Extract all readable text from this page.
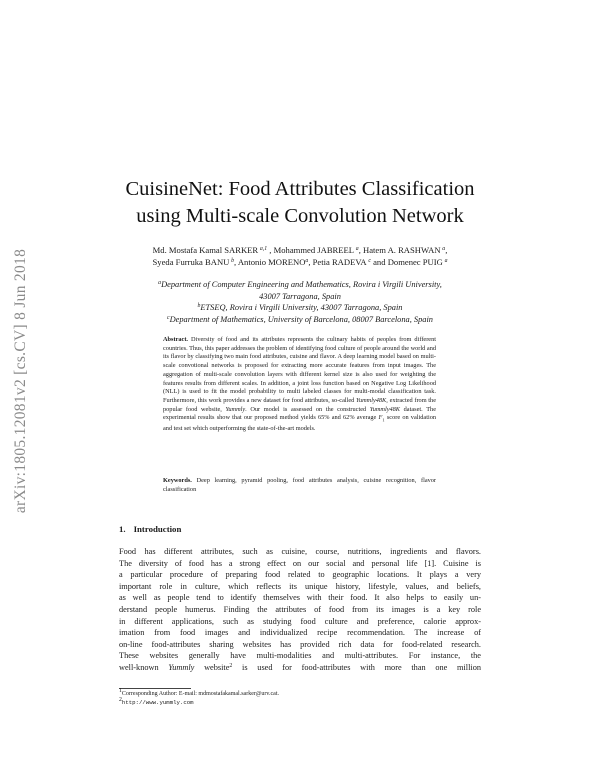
arXiv:1805.12081v2 [cs.CV] 8 Jun 2018
CuisineNet: Food Attributes Classification
using Multi-scale Convolution Network
Md. Mostafa Kamal SARKER  $^{a,1}$ , Mohammed JABREEL  $^a$, Hatem A. RASHWAN  $^a$,
Syeda Furruka BANU  $^b$, Antonio MORENO$^a$, Petia RADEVA  $^c$ and Domenec PUIG  $^a$
$^a$Department of Computer Engineering and Mathematics, Rovira i Virgili University,
43007 Tarragona, Spain
$^b$ETSEQ, Rovira i Virgili University, 43007 Tarragona, Spain
$^c$Department of Mathematics, University of Barcelona, 08007 Barcelona, Spain
Abstract. Diversity of food and its attributes represents the culinary habits of peoples from different countries. Thus, this paper addresses the problem of identifying food culture of people around the world and its flavor by classifying two main food attributes, cuisine and flavor. A deep learning model based on multi-scale convotional networks is proposed for extracting more accurate features from input images. The aggregation of multi-scale convolution layers with different kernel size is also used for weighting the features results from different scales. In addition, a joint loss function based on Negative Log Likelihood (NLL) is used to fit the model probability to multi labeled classes for multi-modal classification task. Furthermore, this work provides a new dataset for food attributes, so-called Yummly48K, extracted from the popular food website, Yummly. Our model is assessed on the constructed Yummly48K dataset. The experimental results show that our proposed method yields 65% and 62% average $F_1$ score on validation and test set which outperforming the state-of-the-art models.
Keywords. Deep learning, pyramid pooling, food attributes analysis, cuisine recognition, flavor classification
1. Introduction
Food has different attributes, such as cuisine, course, nutritions, ingredients and flavors.
The diversity of food has a strong effect on our social and personal life [1]. Cuisine is
a particular procedure of preparing food related to geographic locations. It plays a very
important role in culture, which reflects its unique history, lifestyle, values, and beliefs,
as well as people tend to identify themselves with their food. It also helps to easily un-
derstand people humerus. Finding the attributes of food from its images is a key role
in different applications, such as studying food culture and preference, calorie approx-
imation from food images and individualized recipe recommendation. The increase of
on-line food-attributes sharing websites has provided rich data for food-related research.
These websites generally have multi-modalities and multi-attributes. For instance, the
well-known Yummly website$^2$ is used for food-attributes with more than one million
$^1$Corresponding Author: E-mail: mdmostafakamal.sarker@urv.cat.
$^2$http://www.yummly.com
